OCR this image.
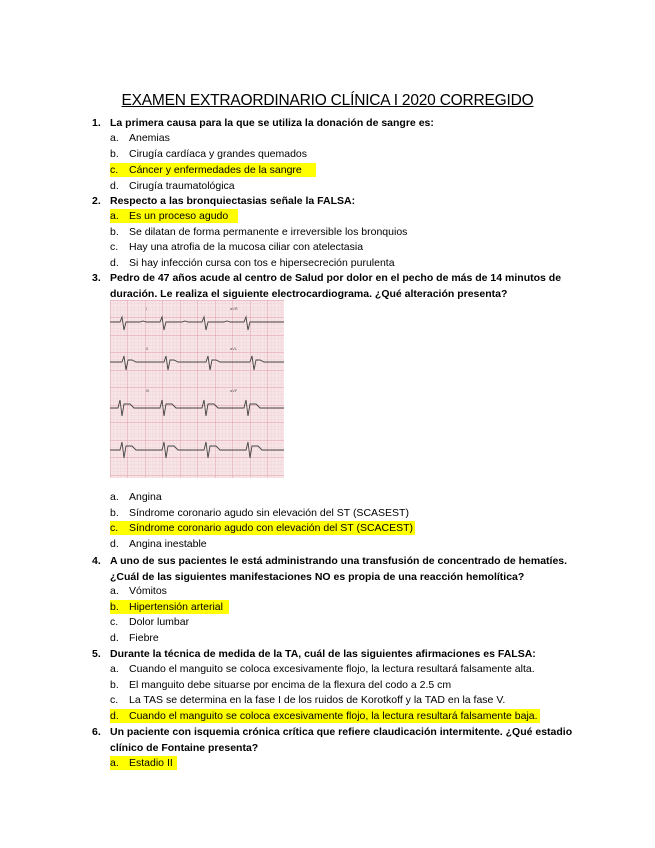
EXAMEN EXTRAORDINARIO CLÍNICA I 2020 CORREGIDO
1. La primera causa para la que se utiliza la donación de sangre es:
a. Anemias
b. Cirugía cardíaca y grandes quemados
c. Cáncer y enfermedades de la sangre
d. Cirugía traumatológica
2. Respecto a las bronquiectasias señale la FALSA:
a. Es un proceso agudo
b. Se dilatan de forma permanente e irreversible los bronquios
c. Hay una atrofia de la mucosa ciliar con atelectasia
d. Si hay infección cursa con tos e hipersecreción purulenta
3. Pedro de 47 años acude al centro de Salud por dolor en el pecho de más de 14 minutos de
duración. Le realiza el siguiente electrocardiograma. ¿Qué alteración presenta?
I	aVR
II	aVL
III	aVF
a. Angina
b. Síndrome coronario agudo sin elevación del ST (SCASEST)
c. Síndrome coronario agudo con elevación del ST (SCACEST)
d. Angina inestable
4. A uno de sus pacientes le está administrando una transfusión de concentrado de hematíes.
¿Cuál de las siguientes manifestaciones NO es propia de una reacción hemolítica?
a. Vómitos
b. Hipertensión arterial
c. Dolor lumbar
d. Fiebre
5. Durante la técnica de medida de la TA, cuál de las siguientes afirmaciones es FALSA:
a. Cuando el manguito se coloca excesivamente flojo, la lectura resultará falsamente alta.
b. El manguito debe situarse por encima de la flexura del codo a 2.5 cm
c. La TAS se determina en la fase I de los ruidos de Korotkoff y la TAD en la fase V.
d. Cuando el manguito se coloca excesivamente flojo, la lectura resultará falsamente baja.
6. Un paciente con isquemia crónica crítica que refiere claudicación intermitente. ¿Qué estadio
clínico de Fontaine presenta?
a. Estadio II
